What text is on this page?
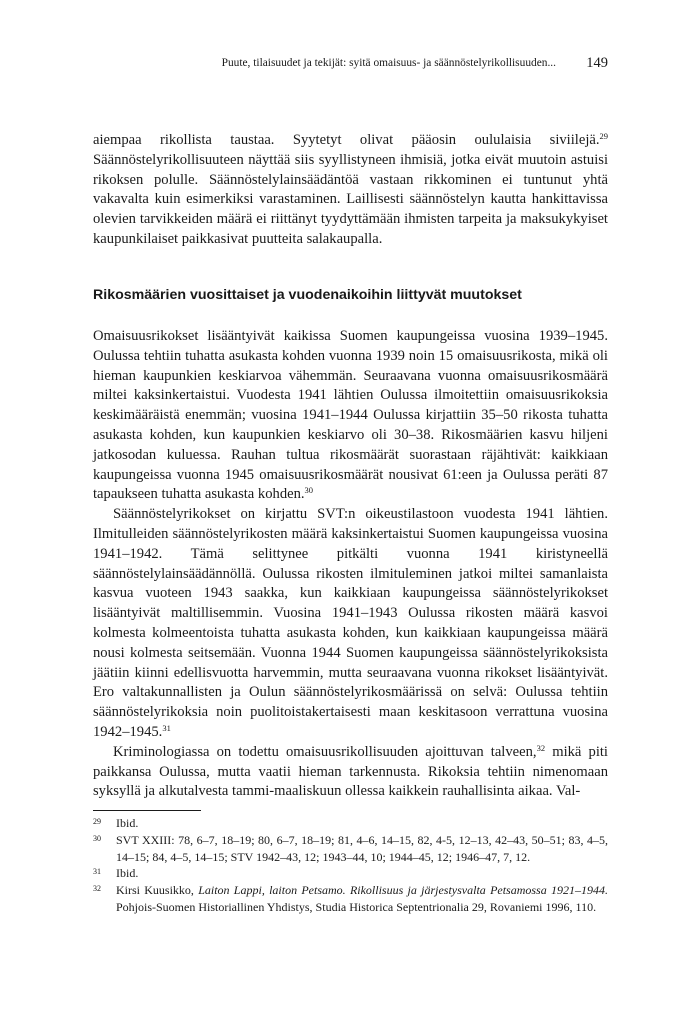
Puute, tilaisuudet ja tekijät: syitä omaisuus- ja säännöstelyrikollisuuden... 149

aiempaa rikollista taustaa. Syytetyt olivat pääosin oululaisia siviilejä.$^{29}$ Säännöstelyrikollisuuteen näyttää siis syyllistyneen ihmisiä, jotka eivät muutoin astuisi rikoksen polulle. Säännöstelylainsäädäntöä vastaan rikkominen ei tuntunut yhtä vakavalta kuin esimerkiksi varastaminen. Laillisesti säännöstelyn kautta hankittavissa olevien tarvikkeiden määrä ei riittänyt tyydyttämään ihmisten tarpeita ja maksukykyiset kaupunkilaiset paikkasivat puutteita salakaupalla.

Rikosmäärien vuosittaiset ja vuodenaikoihin liittyvät muutokset

Omaisuusrikokset lisääntyivät kaikissa Suomen kaupungeissa vuosina 1939–1945. Oulussa tehtiin tuhatta asukasta kohden vuonna 1939 noin 15 omaisuusrikosta, mikä oli hieman kaupunkien keskiarvoa vähemmän. Seuraavana vuonna omaisuusrikosmäärä miltei kaksinkertaistui. Vuodesta 1941 lähtien Oulussa ilmoitettiin omaisuusrikoksia keskimääräistä enemmän; vuosina 1941–1944 Oulussa kirjattiin 35–50 rikosta tuhatta asukasta kohden, kun kaupunkien keskiarvo oli 30–38. Rikosmäärien kasvu hiljeni jatkosodan kuluessa. Rauhan tultua rikosmäärät suorastaan räjähtivät: kaikkiaan kaupungeissa vuonna 1945 omaisuusrikosmäärät nousivat 61:een ja Oulussa peräti 87 tapaukseen tuhatta asukasta kohden.$^{30}$

Säännöstelyrikokset on kirjattu SVT:n oikeustilastoon vuodesta 1941 lähtien. Ilmitulleiden säännöstelyrikosten määrä kaksinkertaistui Suomen kaupungeissa vuosina 1941–1942. Tämä selittynee pitkälti vuonna 1941 kiristyneellä säännöstelylainsäädännöllä. Oulussa rikosten ilmituleminen jatkoi miltei samanlaista kasvua vuoteen 1943 saakka, kun kaikkiaan kaupungeissa säännöstelyrikokset lisääntyivät maltillisemmin. Vuosina 1941–1943 Oulussa rikosten määrä kasvoi kolmesta kolmeentoista tuhatta asukasta kohden, kun kaikkiaan kaupungeissa määrä nousi kolmesta seitsemään. Vuonna 1944 Suomen kaupungeissa säännöstelyrikoksista jäätiin kiinni edellisvuotta harvemmin, mutta seuraavana vuonna rikokset lisääntyivät. Ero valtakunnallisten ja Oulun säännöstelyrikosmäärissä on selvä: Oulussa tehtiin säännöstelyrikoksia noin puolitoistakertaisesti maan keskitasoon verrattuna vuosina 1942–1945.31

Kriminologiassa on todettu omaisuusrikollisuuden ajoittuvan talveen,$^{32}$ mikä piti paikkansa Oulussa, mutta vaatii hieman tarkennusta. Rikoksia tehtiin nimenomaan syksyllä ja alkutalvesta tammi-maaliskuun ollessa kaikkein rauhallisinta aikaa. Val-

29 Ibid.
30 SVT XXIII: 78, 6–7, 18–19; 80, 6–7, 18–19; 81, 4–6, 14–15, 82, 4-5, 12–13, 42–43, 50–51; 83, 4–5, 14–15; 84, 4–5, 14–15; STV 1942–43, 12; 1943–44, 10; 1944–45, 12; 1946–47, 7, 12.
31 Ibid.
32 Kirsi Kuusikko, Laiton Lappi, laiton Petsamo. Rikollisuus ja järjestysvalta Petsamossa 1921–1944. Pohjois-Suomen Historiallinen Yhdistys, Studia Historica Septentrionalia 29, Rovaniemi 1996, 110.
